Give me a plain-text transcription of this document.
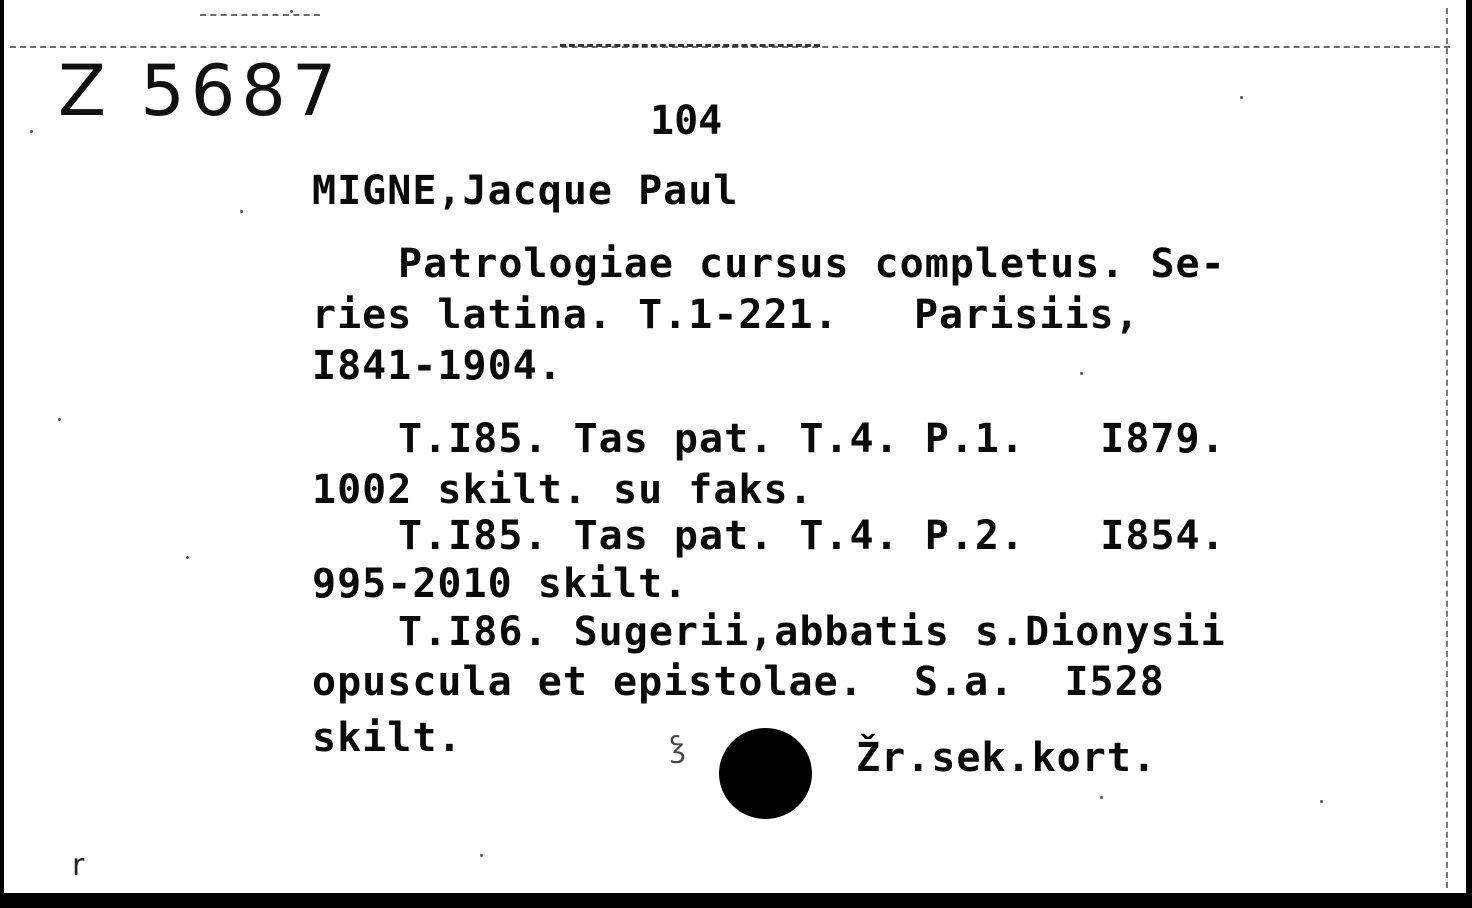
Z 5687	104
MIGNE,Jacque Paul
Patrologiae cursus completus. Se-
ries latina. T.1-221.   Parisiis,
I841-1904.
T.I85. Tas pat. T.4. P.1.   I879.
1002 skilt. su faks.
T.I85. Tas pat. T.4. P.2.   I854.
995-2010 skilt.
T.I86. Sugerii,abbatis s.Dionysii
opuscula et epistolae.  S.a.  I528
skilt.	ꝣ	Žr.sek.kort.
r
